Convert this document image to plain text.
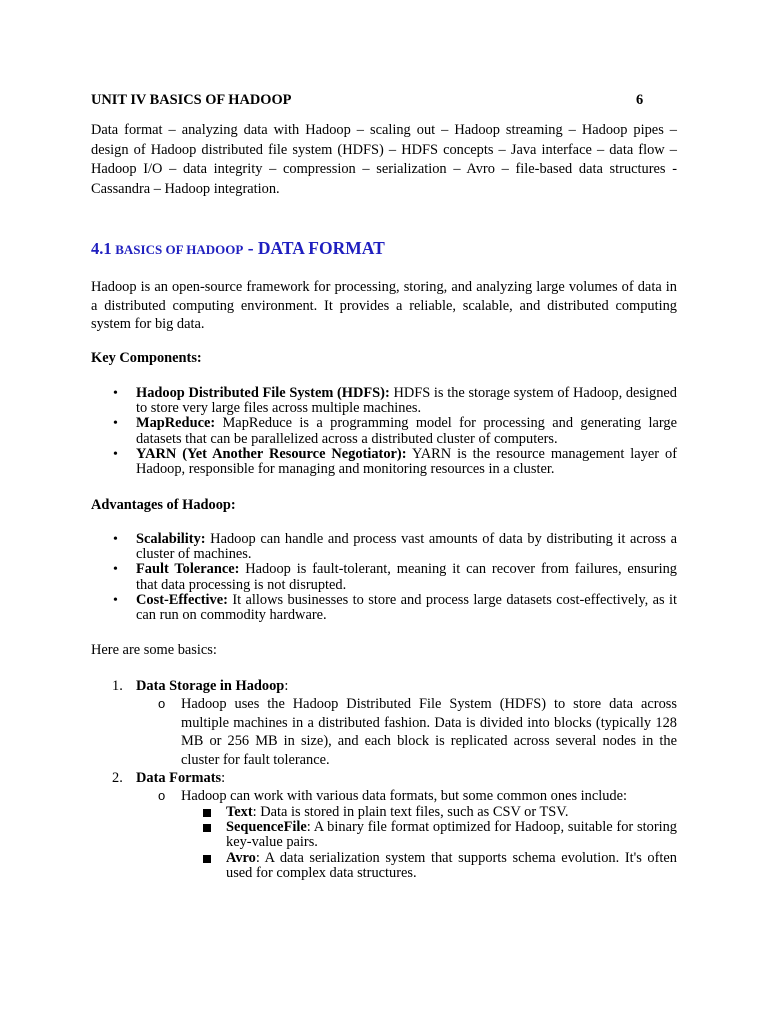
UNIT IV BASICS OF HADOOP	6
Data format – analyzing data with Hadoop – scaling out – Hadoop streaming – Hadoop pipes – design of Hadoop distributed file system (HDFS) – HDFS concepts – Java interface – data flow – Hadoop I/O – data integrity – compression – serialization – Avro – file-based data structures - Cassandra – Hadoop integration.
4.1 BASICS OF HADOOP - DATA FORMAT
Hadoop is an open-source framework for processing, storing, and analyzing large volumes of data in a distributed computing environment. It provides a reliable, scalable, and distributed computing system for big data.
Key Components:
• Hadoop Distributed File System (HDFS): HDFS is the storage system of Hadoop, designed to store very large files across multiple machines.
• MapReduce: MapReduce is a programming model for processing and generating large datasets that can be parallelized across a distributed cluster of computers.
• YARN (Yet Another Resource Negotiator): YARN is the resource management layer of Hadoop, responsible for managing and monitoring resources in a cluster.
Advantages of Hadoop:
• Scalability: Hadoop can handle and process vast amounts of data by distributing it across a cluster of machines.
• Fault Tolerance: Hadoop is fault-tolerant, meaning it can recover from failures, ensuring that data processing is not disrupted.
• Cost-Effective: It allows businesses to store and process large datasets cost-effectively, as it can run on commodity hardware.
Here are some basics:
1. Data Storage in Hadoop:
o Hadoop uses the Hadoop Distributed File System (HDFS) to store data across multiple machines in a distributed fashion. Data is divided into blocks (typically 128 MB or 256 MB in size), and each block is replicated across several nodes in the cluster for fault tolerance.
2. Data Formats:
o Hadoop can work with various data formats, but some common ones include:
Text: Data is stored in plain text files, such as CSV or TSV.
SequenceFile: A binary file format optimized for Hadoop, suitable for storing key-value pairs.
Avro: A data serialization system that supports schema evolution. It's often used for complex data structures.
